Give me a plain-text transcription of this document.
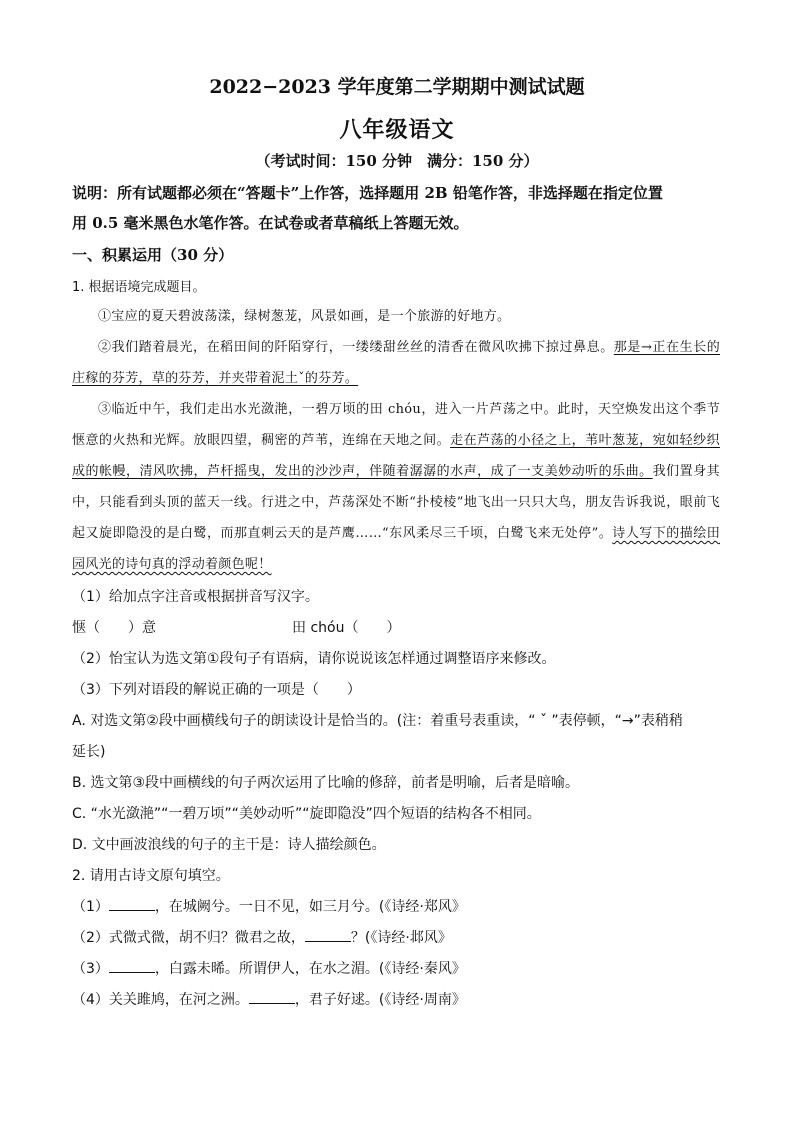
2022−2023 学年度第二学期期中测试试题
八年级语文
（考试时间：150 分钟　满分：150 分）
说明：所有试题都必须在“答题卡”上作答，选择题用 2B 铅笔作答，非选择题在指定位置
用 0.5 毫米黑色水笔作答。在试卷或者草稿纸上答题无效。
一、积累运用（30 分）
1. 根据语境完成题目。

①宝应的夏天碧波荡漾，绿树葱茏，风景如画，是一个旅游的好地方。

②我们踏着晨光，在稻田间的阡陌穿行，一缕缕甜丝丝的清香在微风吹拂下掠过鼻息。那是→正在生长的庄稼的芬芳，草的芬芳，并夹带着泥土ˇ的芬芳。

③临近中午，我们走出水光潋滟，一碧万顷的田 chóu，进入一片芦荡之中。此时，天空焕发出这个季节惬意的火热和光辉。放眼四望，稠密的芦苇，连绵在天地之间。走在芦荡的小径之上，苇叶葱茏，宛如轻纱织成的帐幔，清风吹拂，芦杆摇曳，发出的沙沙声，伴随着潺潺的水声，成了一支美妙动听的乐曲。我们置身其中，只能看到头顶的蓝天一线。行进之中，芦荡深处不断“扑棱棱”地飞出一只只大鸟，朋友告诉我说，眼前飞起又旋即隐没的是白鹭，而那直刺云天的是芦鹰……“东风柔尽三千顷，白鹭飞来无处停”。诗人写下的描绘田园风光的诗句真的浮动着颜色呢！

（1）给加点字注音或根据拼音写汉字。

惬（　　）意	田 chóu（　　）

（2）怡宝认为选文第①段句子有语病，请你说说该怎样通过调整语序来修改。

（3）下列对语段的解说正确的一项是（　　）

A. 对选文第②段中画横线句子的朗读设计是恰当的。(注：着重号表重读，“ ˇ ”表停顿，“→”表稍稍

延长)

B. 选文第③段中画横线的句子两次运用了比喻的修辞，前者是明喻，后者是暗喻。

C. “水光潋滟”“一碧万顷”“美妙动听”“旋即隐没”四个短语的结构各不相同。

D. 文中画波浪线的句子的主干是：诗人描绘颜色。

2. 请用古诗文原句填空。

（1）	，在城阙兮。一日不见，如三月兮。(《诗经·郑风》

（2）式微式微，胡不归？微君之故，	？(《诗经·邶风》

（3）	，白露未晞。所谓伊人，在水之湄。(《诗经·秦风》

（4）关关雎鸠，在河之洲。	，君子好逑。(《诗经·周南》
